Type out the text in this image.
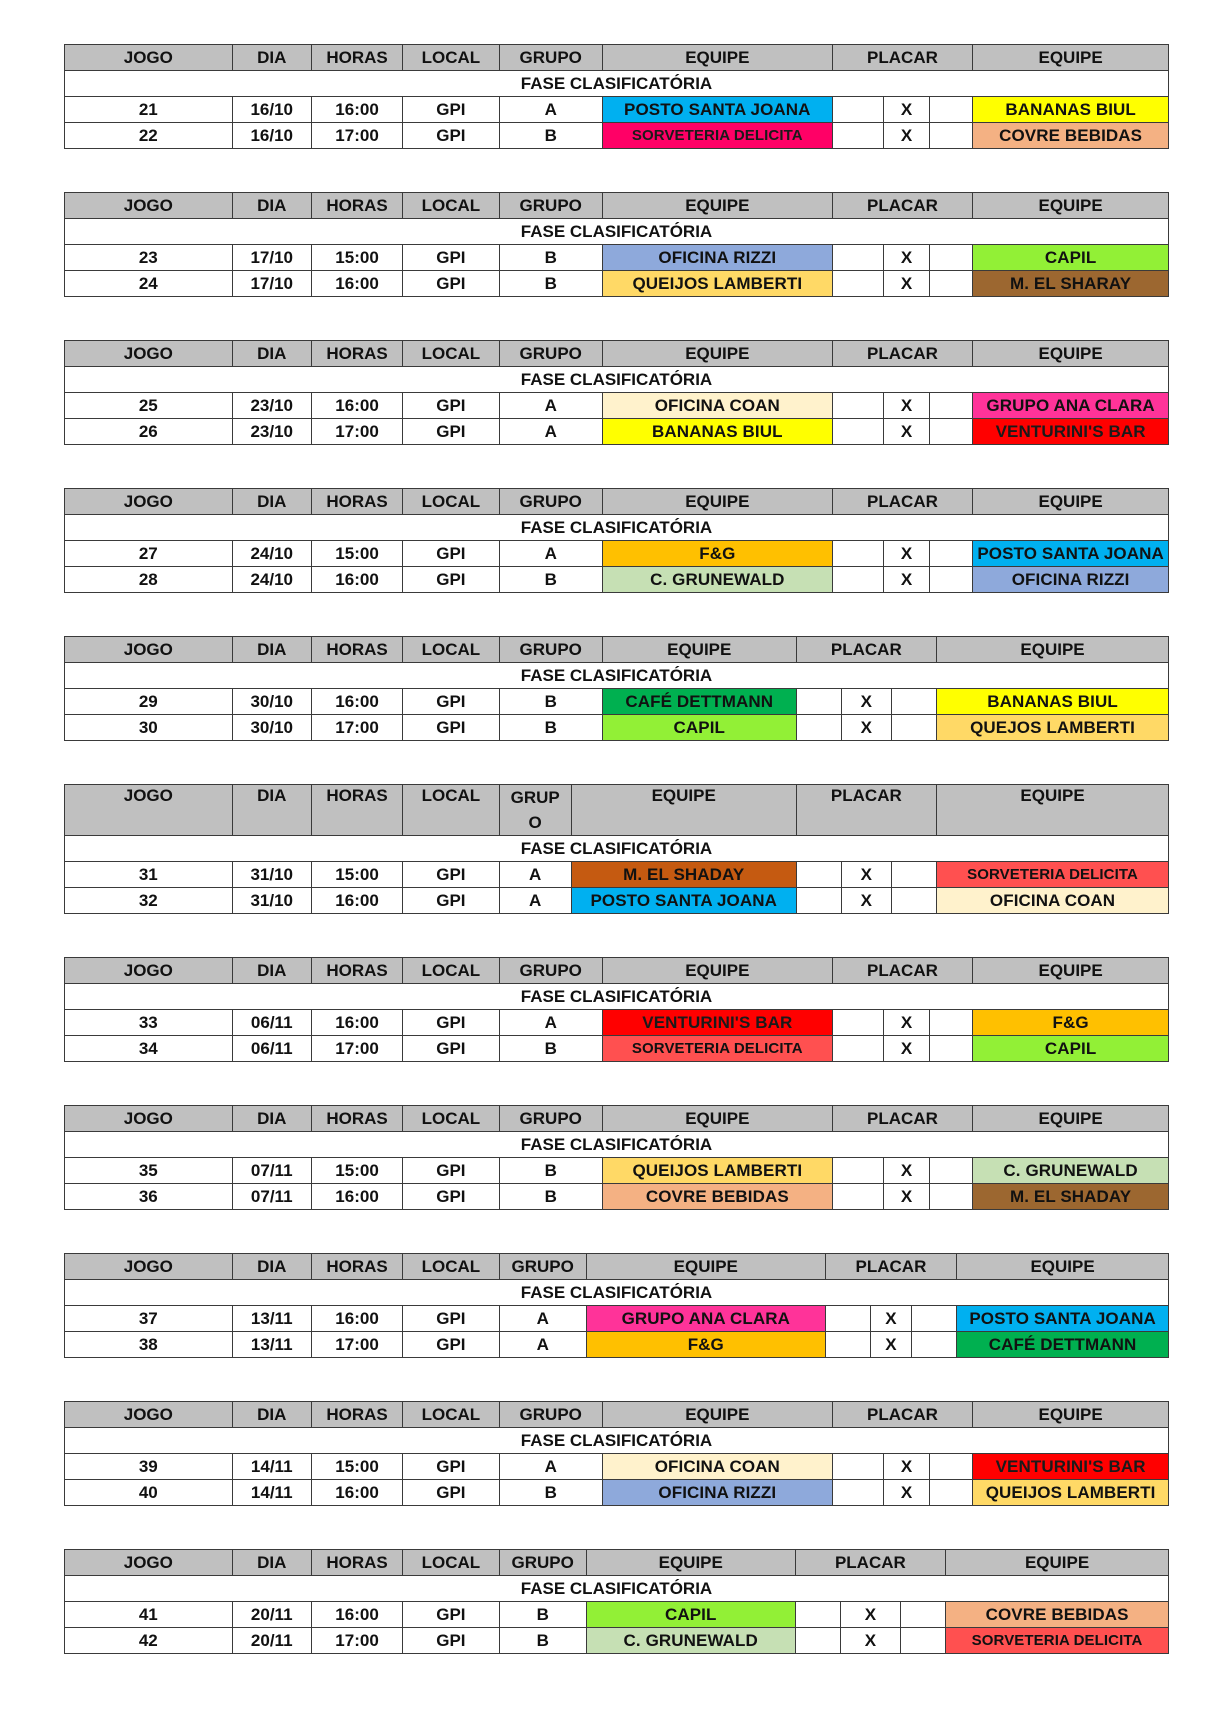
JOGO	DIA	HORAS	LOCAL	GRUPO	EQUIPE	PLACAR			EQUIPE
FASE CLASIFICATÓRIA									
21	16/10	16:00	GPI	A	POSTO SANTA JOANA		X		BANANAS BIUL
22	16/10	17:00	GPI	B	SORVETERIA DELICITA		X		COVRE BEBIDAS
JOGO	DIA	HORAS	LOCAL	GRUPO	EQUIPE	PLACAR			EQUIPE
FASE CLASIFICATÓRIA									
23	17/10	15:00	GPI	B	OFICINA RIZZI		X		CAPIL
24	17/10	16:00	GPI	B	QUEIJOS LAMBERTI		X		M. EL SHARAY
JOGO	DIA	HORAS	LOCAL	GRUPO	EQUIPE	PLACAR			EQUIPE
FASE CLASIFICATÓRIA									
25	23/10	16:00	GPI	A	OFICINA COAN		X		GRUPO ANA CLARA
26	23/10	17:00	GPI	A	BANANAS BIUL		X		VENTURINI'S BAR
JOGO	DIA	HORAS	LOCAL	GRUPO	EQUIPE	PLACAR			EQUIPE
FASE CLASIFICATÓRIA									
27	24/10	15:00	GPI	A	F&G		X		POSTO SANTA JOANA
28	24/10	16:00	GPI	B	C. GRUNEWALD		X		OFICINA RIZZI
JOGO	DIA	HORAS	LOCAL	GRUPO	EQUIPE	PLACAR			EQUIPE
FASE CLASIFICATÓRIA									
29	30/10	16:00	GPI	B	CAFÉ DETTMANN		X		BANANAS BIUL
30	30/10	17:00	GPI	B	CAPIL		X		QUEJOS LAMBERTI
JOGO	DIA	HORAS	LOCAL	GRUP O	EQUIPE	PLACAR			EQUIPE
FASE CLASIFICATÓRIA									
31	31/10	15:00	GPI	A	M. EL SHADAY		X		SORVETERIA DELICITA
32	31/10	16:00	GPI	A	POSTO SANTA JOANA		X		OFICINA COAN
JOGO	DIA	HORAS	LOCAL	GRUPO	EQUIPE	PLACAR			EQUIPE
FASE CLASIFICATÓRIA									
33	06/11	16:00	GPI	A	VENTURINI'S BAR		X		F&G
34	06/11	17:00	GPI	B	SORVETERIA DELICITA		X		CAPIL
JOGO	DIA	HORAS	LOCAL	GRUPO	EQUIPE	PLACAR			EQUIPE
FASE CLASIFICATÓRIA									
35	07/11	15:00	GPI	B	QUEIJOS LAMBERTI		X		C. GRUNEWALD
36	07/11	16:00	GPI	B	COVRE BEBIDAS		X		M. EL SHADAY
JOGO	DIA	HORAS	LOCAL	GRUPO	EQUIPE	PLACAR			EQUIPE
FASE CLASIFICATÓRIA									
37	13/11	16:00	GPI	A	GRUPO ANA CLARA		X		POSTO SANTA JOANA
38	13/11	17:00	GPI	A	F&G		X		CAFÉ DETTMANN
JOGO	DIA	HORAS	LOCAL	GRUPO	EQUIPE	PLACAR			EQUIPE
FASE CLASIFICATÓRIA									
39	14/11	15:00	GPI	A	OFICINA COAN		X		VENTURINI'S BAR
40	14/11	16:00	GPI	B	OFICINA RIZZI		X		QUEIJOS LAMBERTI
JOGO	DIA	HORAS	LOCAL	GRUPO	EQUIPE	PLACAR			EQUIPE
FASE CLASIFICATÓRIA									
41	20/11	16:00	GPI	B	CAPIL		X		COVRE BEBIDAS
42	20/11	17:00	GPI	B	C. GRUNEWALD		X		SORVETERIA DELICITA
